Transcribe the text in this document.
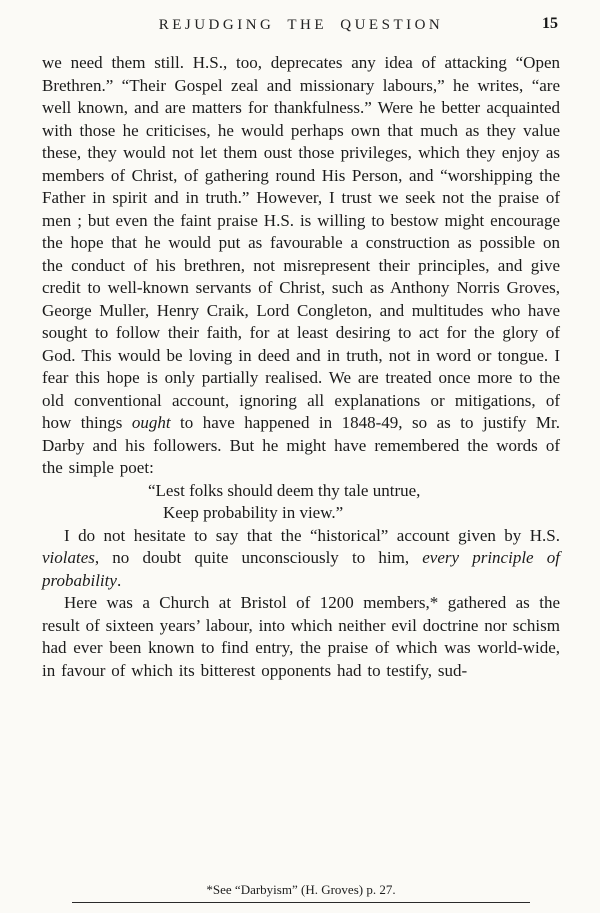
REJUDGING THE QUESTION	15

we need them still. H.S., too, deprecates any idea of attacking “Open Brethren.” “Their Gospel zeal and missionary labours,” he writes, “are well known, and are matters for thankfulness.” Were he better acquainted with those he criticises, he would perhaps own that much as they value these, they would not let them oust those privileges, which they enjoy as members of Christ, of gathering round His Person, and “worshipping the Father in spirit and in truth.” However, I trust we seek not the praise of men ; but even the faint praise H.S. is willing to bestow might encourage the hope that he would put as favourable a construction as possible on the conduct of his brethren, not misrepresent their principles, and give credit to well-known servants of Christ, such as Anthony Norris Groves, George Muller, Henry Craik, Lord Congleton, and multitudes who have sought to follow their faith, for at least desiring to act for the glory of God. This would be loving in deed and in truth, not in word or tongue. I fear this hope is only partially realised. We are treated once more to the old conventional account, ignoring all explanations or mitigations, of how things ought to have happened in 1848-49, so as to justify Mr. Darby and his followers. But he might have remembered the words of the simple poet:

“Lest folks should deem thy tale untrue,
Keep probability in view.”

I do not hesitate to say that the “historical” account given by H.S. violates, no doubt quite unconsciously to him, every principle of probability.

Here was a Church at Bristol of 1200 members,* gathered as the result of sixteen years’ labour, into which neither evil doctrine nor schism had ever been known to find entry, the praise of which was world-wide, in favour of which its bitterest opponents had to testify, sud-

*See “Darbyism” (H. Groves) p. 27.
